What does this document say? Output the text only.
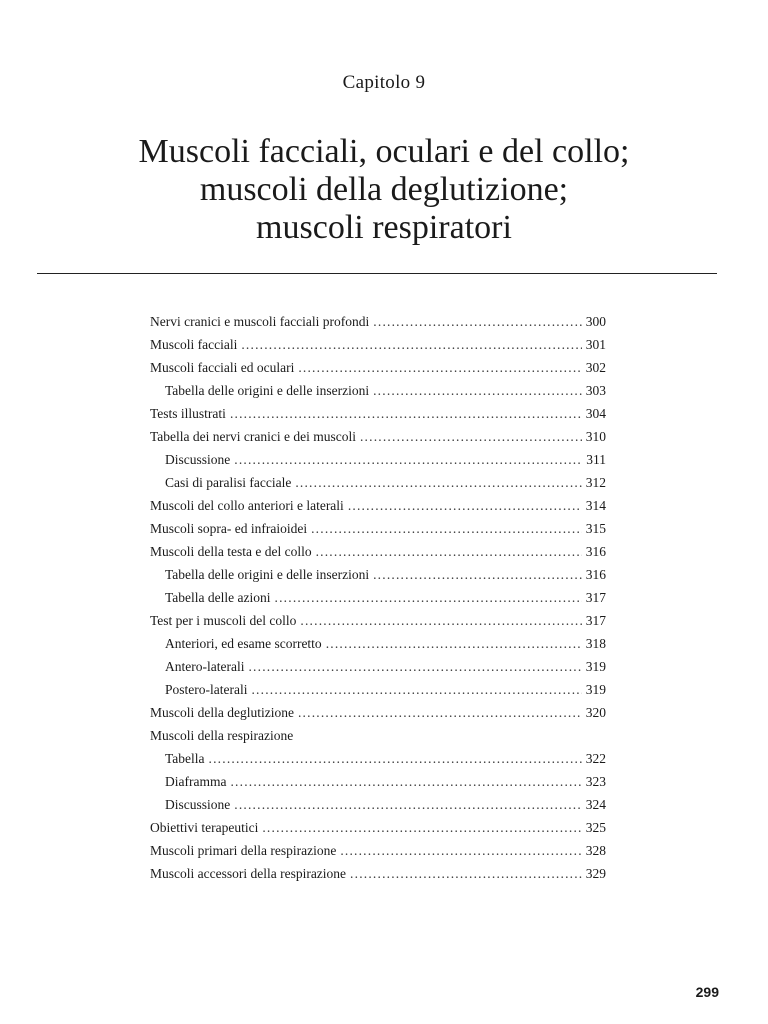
Capitolo 9
Muscoli facciali, oculari e del collo;
muscoli della deglutizione;
muscoli respiratori
Nervi cranici e muscoli facciali profondi .....	300
Muscoli facciali .....	301
Muscoli facciali ed oculari .....	302
Tabella delle origini e delle inserzioni .....	303
Tests illustrati .....	304
Tabella dei nervi cranici e dei muscoli .....	310
Discussione .....	311
Casi di paralisi facciale .....	312
Muscoli del collo anteriori e laterali .....	314
Muscoli sopra- ed infraioidei .....	315
Muscoli della testa e del collo .....	316
Tabella delle origini e delle inserzioni .....	316
Tabella delle azioni .....	317
Test per i muscoli del collo .....	317
Anteriori, ed esame scorretto .....	318
Antero-laterali .....	319
Postero-laterali .....	319
Muscoli della deglutizione .....	320
Muscoli della respirazione
Tabella .....	322
Diaframma .....	323
Discussione .....	324
Obiettivi terapeutici .....	325
Muscoli primari della respirazione .....	328
Muscoli accessori della respirazione .....	329
299
